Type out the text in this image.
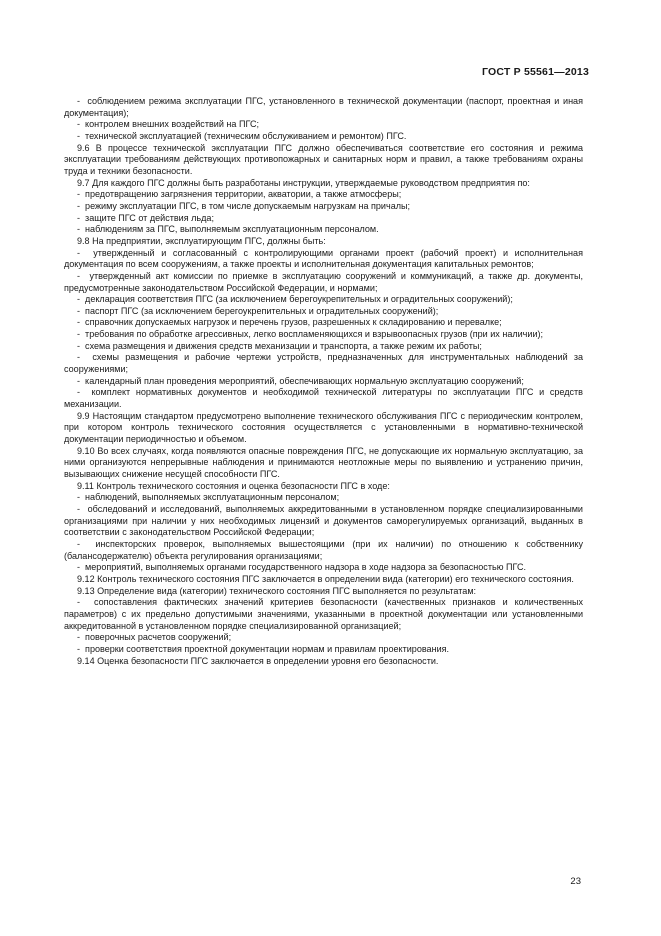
ГОСТ Р 55561—2013

-  соблюдением режима эксплуатации ПГС, установленного в технической документации (паспорт, проектная и иная документация);

-  контролем внешних воздействий на ПГС;

-  технической эксплуатацией (техническим обслуживанием и ремонтом) ПГС.

9.6 В процессе технической эксплуатации ПГС должно обеспечиваться соответствие его состояния и режима эксплуатации требованиям действующих противопожарных и санитарных норм и правил, а также требованиям охраны труда и техники безопасности.

9.7 Для каждого ПГС должны быть разработаны инструкции, утверждаемые руководством предприятия по:

-  предотвращению загрязнения территории, акватории, а также атмосферы;

-  режиму эксплуатации ПГС, в том числе допускаемым нагрузкам на причалы;

-  защите ПГС от действия льда;

-  наблюдениям за ПГС, выполняемым эксплуатационным персоналом.

9.8 На предприятии, эксплуатирующим ПГС, должны быть:

-  утвержденный и согласованный с контролирующими органами проект (рабочий проект) и исполнительная документация по всем сооружениям, а также проекты и исполнительная документация капитальных ремонтов;

-  утвержденный акт комиссии по приемке в эксплуатацию сооружений и коммуникаций, а также др. документы, предусмотренные законодательством Российской Федерации, и нормами;

-  декларация соответствия ПГС (за исключением берегоукрепительных и оградительных сооружений);

-  паспорт ПГС (за исключением берегоукрепительных и оградительных сооружений);

-  справочник допускаемых нагрузок и перечень грузов, разрешенных к складированию и перевалке;

-  требования по обработке агрессивных, легко воспламеняющихся и взрывоопасных грузов (при их наличии);

-  схема размещения и движения средств механизации и транспорта, а также режим их работы;

-  схемы размещения и рабочие чертежи устройств, предназначенных для инструментальных наблюдений за сооружениями;

-  календарный план проведения мероприятий, обеспечивающих нормальную эксплуатацию сооружений;

-  комплект нормативных документов и необходимой технической литературы по эксплуатации ПГС и средств механизации.

9.9 Настоящим стандартом предусмотрено выполнение технического обслуживания ПГС с периодическим контролем, при котором контроль технического состояния осуществляется с установленными в нормативно-технической документации периодичностью и объемом.

9.10 Во всех случаях, когда появляются опасные повреждения ПГС, не допускающие их нормальную эксплуатацию, за ними организуются непрерывные наблюдения и принимаются неотложные меры по выявлению и устранению причин, вызывающих снижение несущей способности ПГС.

9.11 Контроль технического состояния и оценка безопасности ПГС в ходе:

-  наблюдений, выполняемых эксплуатационным персоналом;

-  обследований и исследований, выполняемых аккредитованными в установленном порядке специализированными организациями при наличии у них необходимых лицензий и документов саморегулируемых организаций, выданных в соответствии с законодательством Российской Федерации;

-  инспекторских проверок, выполняемых вышестоящими (при их наличии) по отношению к собственнику (балансодержателю) объекта регулирования организациями;

-  мероприятий, выполняемых органами государственного надзора в ходе надзора за безопасностью ПГС.

9.12 Контроль технического состояния ПГС заключается в определении вида (категории) его технического состояния.

9.13 Определение вида (категории) технического состояния ПГС выполняется по результатам:

-  сопоставления фактических значений критериев безопасности (качественных признаков и количественных параметров) с их предельно допустимыми значениями, указанными в проектной документации или установленными аккредитованной в установленном порядке специализированной организацией;

-  поверочных расчетов сооружений;

-  проверки соответствия проектной документации нормам и правилам проектирования.

9.14 Оценка безопасности ПГС заключается в определении уровня его безопасности.

23
